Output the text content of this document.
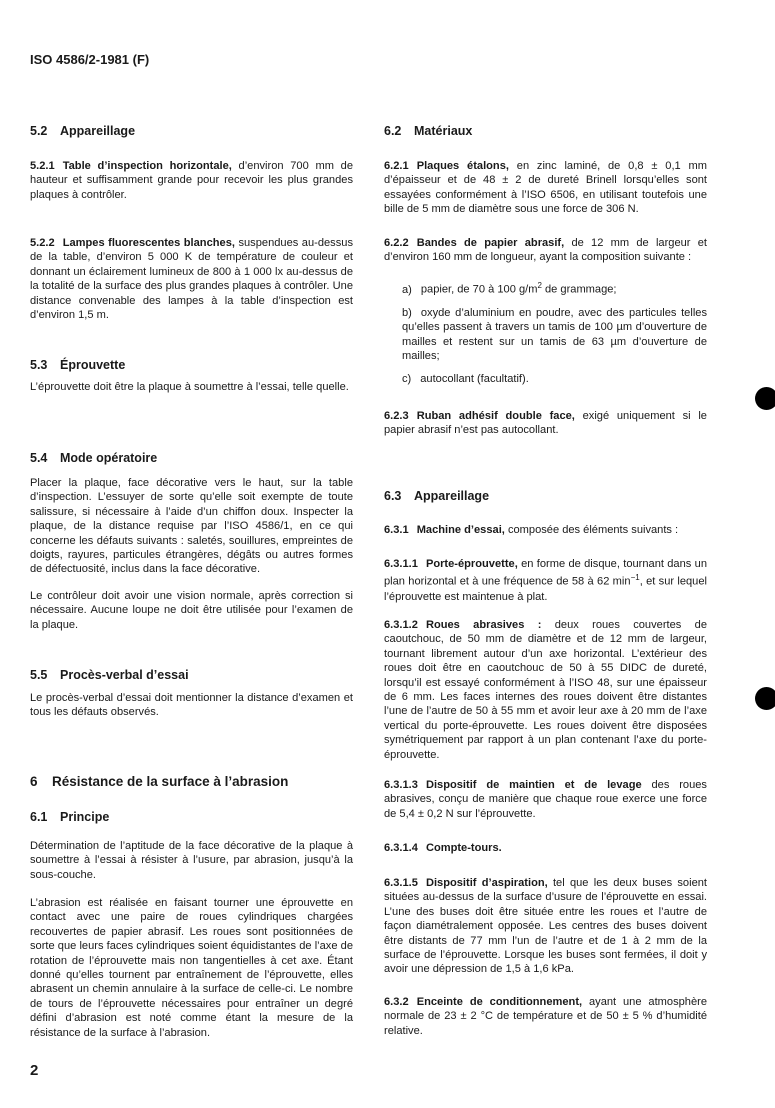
ISO 4586/2-1981 (F)
5.2 Appareillage
5.2.1 Table d’inspection horizontale, d’environ 700 mm de hauteur et suffisamment grande pour recevoir les plus grandes plaques à contrôler.
5.2.2 Lampes fluorescentes blanches, suspendues au-dessus de la table, d’environ 5 000 K de température de couleur et donnant un éclairement lumineux de 800 à 1 000 lx au-dessus de la totalité de la surface des plus grandes plaques à contrôler. Une distance convenable des lampes à la table d’inspection est d’environ 1,5 m.
5.3 Éprouvette
L’éprouvette doit être la plaque à soumettre à l’essai, telle quelle.
5.4 Mode opératoire
Placer la plaque, face décorative vers le haut, sur la table d’inspection. L’essuyer de sorte qu’elle soit exempte de toute salissure, si nécessaire à l’aide d’un chiffon doux. Inspecter la plaque, de la distance requise par l’ISO 4586/1, en ce qui concerne les défauts suivants : saletés, souillures, empreintes de doigts, rayures, particules étrangères, dégâts ou autres formes de défectuosité, inclus dans la face décorative.
Le contrôleur doit avoir une vision normale, après correction si nécessaire. Aucune loupe ne doit être utilisée pour l’examen de la plaque.
5.5 Procès-verbal d’essai
Le procès-verbal d’essai doit mentionner la distance d’examen et tous les défauts observés.
6 Résistance de la surface à l’abrasion
6.1 Principe
Détermination de l’aptitude de la face décorative de la plaque à soumettre à l’essai à résister à l’usure, par abrasion, jusqu’à la sous-couche.
L’abrasion est réalisée en faisant tourner une éprouvette en contact avec une paire de roues cylindriques chargées recouvertes de papier abrasif. Les roues sont positionnées de sorte que leurs faces cylindriques soient équidistantes de l’axe de rotation de l’éprouvette mais non tangentielles à cet axe. Étant donné qu’elles tournent par entraînement de l’éprouvette, elles abrasent un chemin annulaire à la surface de celle-ci. Le nombre de tours de l’éprouvette nécessaires pour entraîner un degré défini d’abrasion est noté comme étant la mesure de la résistance de la surface à l’abrasion.
6.2 Matériaux
6.2.1 Plaques étalons, en zinc laminé, de 0,8 ± 0,1 mm d’épaisseur et de 48 ± 2 de dureté Brinell lorsqu’elles sont essayées conformément à l’ISO 6506, en utilisant toutefois une bille de 5 mm de diamètre sous une force de 306 N.
6.2.2 Bandes de papier abrasif, de 12 mm de largeur et d’environ 160 mm de longueur, ayant la composition suivante :
a) papier, de 70 à 100 $g/m^2$ de grammage;
b) oxyde d’aluminium en poudre, avec des particules telles qu’elles passent à travers un tamis de 100 µm d’ouverture de mailles et restent sur un tamis de 63 µm d’ouverture de mailles;
c) autocollant (facultatif).
6.2.3 Ruban adhésif double face, exigé uniquement si le papier abrasif n’est pas autocollant.
6.3 Appareillage
6.3.1 Machine d’essai, composée des éléments suivants :
6.3.1.1 Porte-éprouvette, en forme de disque, tournant dans un plan horizontal et à une fréquence de 58 à 62 $\min^{-1}$, et sur lequel l’éprouvette est maintenue à plat.
6.3.1.2 Roues abrasives : deux roues couvertes de caoutchouc, de 50 mm de diamètre et de 12 mm de largeur, tournant librement autour d’un axe horizontal. L’extérieur des roues doit être en caoutchouc de 50 à 55 DIDC de dureté, lorsqu’il est essayé conformément à l’ISO 48, sur une épaisseur de 6 mm. Les faces internes des roues doivent être distantes l’une de l’autre de 50 à 55 mm et avoir leur axe à 20 mm de l’axe vertical du porte-éprouvette. Les roues doivent être disposées symétriquement par rapport à un plan contenant l’axe du porte-éprouvette.
6.3.1.3 Dispositif de maintien et de levage des roues abrasives, conçu de manière que chaque roue exerce une force de 5,4 ± 0,2 N sur l’éprouvette.
6.3.1.4 Compte-tours.
6.3.1.5 Dispositif d’aspiration, tel que les deux buses soient situées au-dessus de la surface d’usure de l’éprouvette en essai. L’une des buses doit être située entre les roues et l’autre de façon diamétralement opposée. Les centres des buses doivent être distants de 77 mm l’un de l’autre et de 1 à 2 mm de la surface de l’éprouvette. Lorsque les buses sont fermées, il doit y avoir une dépression de 1,5 à 1,6 kPa.
6.3.2 Enceinte de conditionnement, ayant une atmosphère normale de 23 ± 2 °C de température et de 50 ± 5 % d’humidité relative.
2
